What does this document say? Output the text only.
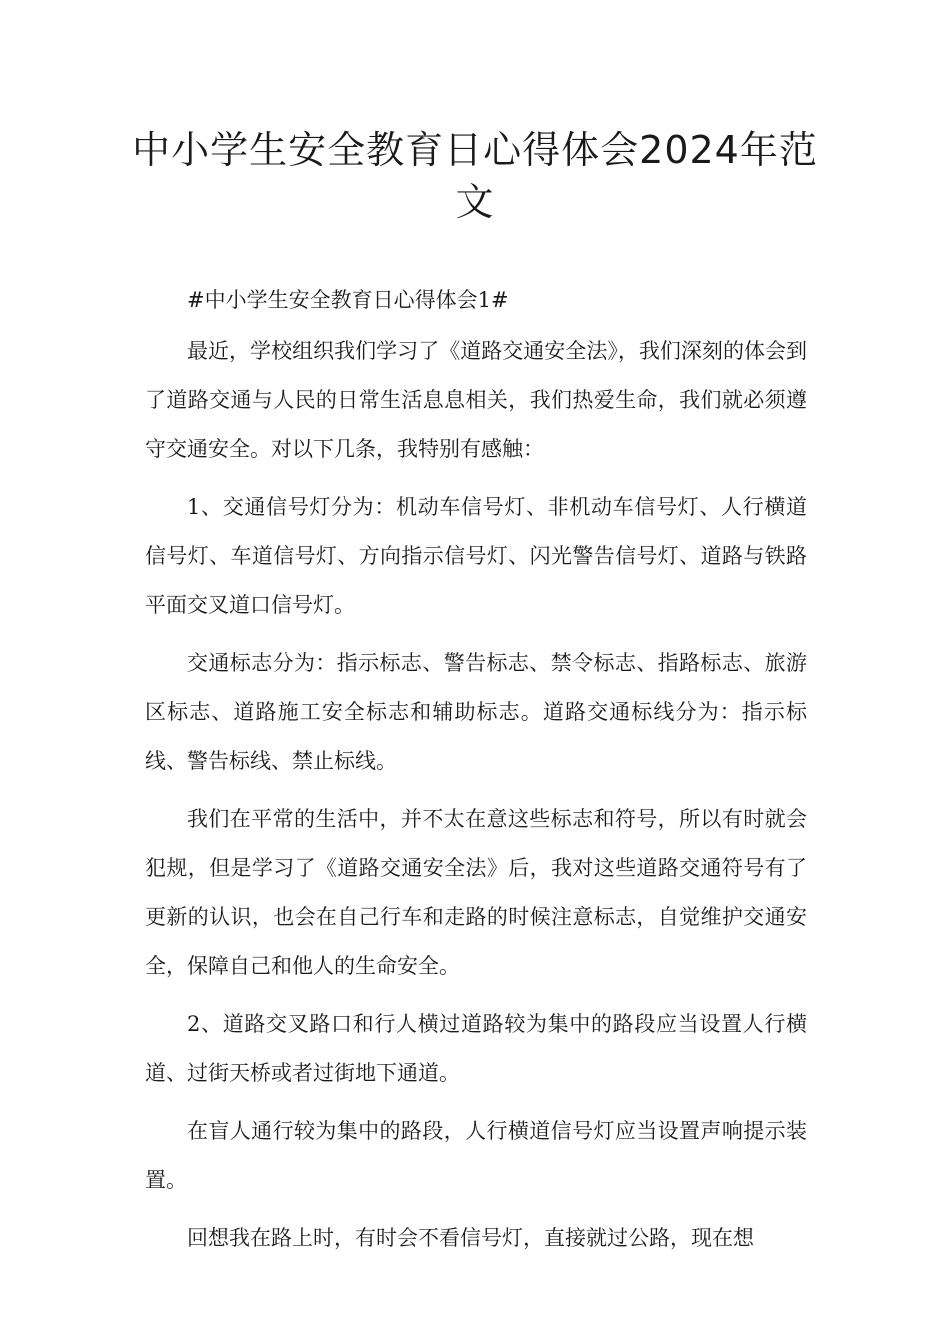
中小学生安全教育日心得体会2024年范文

#中小学生安全教育日心得体会1#

最近，学校组织我们学习了《道路交通安全法》，我们深刻的体会到了道路交通与人民的日常生活息息相关，我们热爱生命，我们就必须遵守交通安全。对以下几条，我特别有感触：

1、交通信号灯分为：机动车信号灯、非机动车信号灯、人行横道信号灯、车道信号灯、方向指示信号灯、闪光警告信号灯、道路与铁路平面交叉道口信号灯。

交通标志分为：指示标志、警告标志、禁令标志、指路标志、旅游区标志、道路施工安全标志和辅助标志。道路交通标线分为：指示标线、警告标线、禁止标线。

我们在平常的生活中，并不太在意这些标志和符号，所以有时就会犯规，但是学习了《道路交通安全法》后，我对这些道路交通符号有了更新的认识，也会在自己行车和走路的时候注意标志，自觉维护交通安全，保障自己和他人的生命安全。

2、道路交叉路口和行人横过道路较为集中的路段应当设置人行横道、过街天桥或者过街地下通道。

在盲人通行较为集中的路段，人行横道信号灯应当设置声响提示装置。

回想我在路上时，有时会不看信号灯，直接就过公路，现在想
